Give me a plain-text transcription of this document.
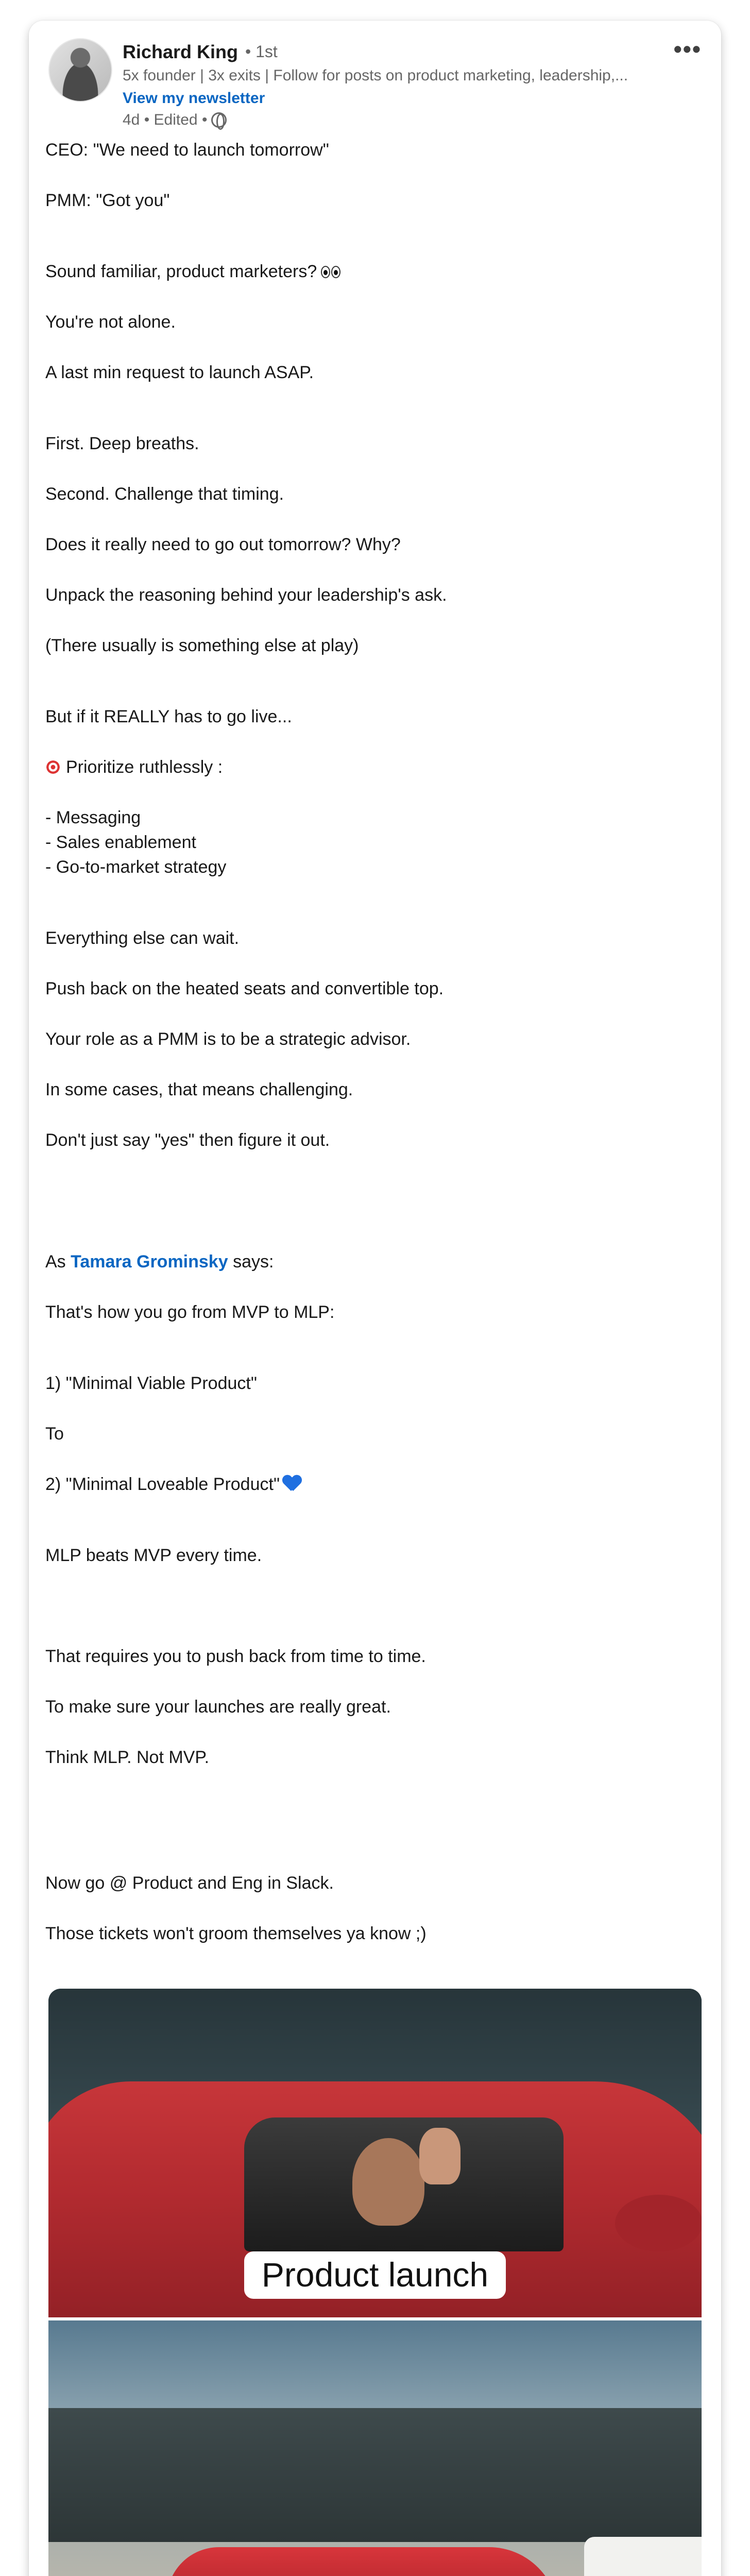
Richard King • 1st
5x founder | 3x exits | Follow for posts on product marketing, leadership,...
View my newsletter
4d • Edited •
•••
CEO: "We need to launch tomorrow"
PMM: "Got you"
Sound familiar, product marketers?
You're not alone.
A last min request to launch ASAP.
First. Deep breaths.
Second. Challenge that timing.
Does it really need to go out tomorrow? Why?
Unpack the reasoning behind your leadership's ask.
(There usually is something else at play)
But if it REALLY has to go live...
Prioritize ruthlessly :
- Messaging
- Sales enablement
- Go-to-market strategy
Everything else can wait.
Push back on the heated seats and convertible top.
Your role as a PMM is to be a strategic advisor.
In some cases, that means challenging.
Don't just say "yes" then figure it out.
As Tamara Grominsky says:
That's how you go from MVP to MLP:
1) "Minimal Viable Product"
To
2) "Minimal Loveable Product"
MLP beats MVP every time.
That requires you to push back from time to time.
To make sure your launches are really great.
Think MLP. Not MVP.
Now go @ Product and Eng in Slack.
Those tickets won't groom themselves ya know ;)
Product launch
